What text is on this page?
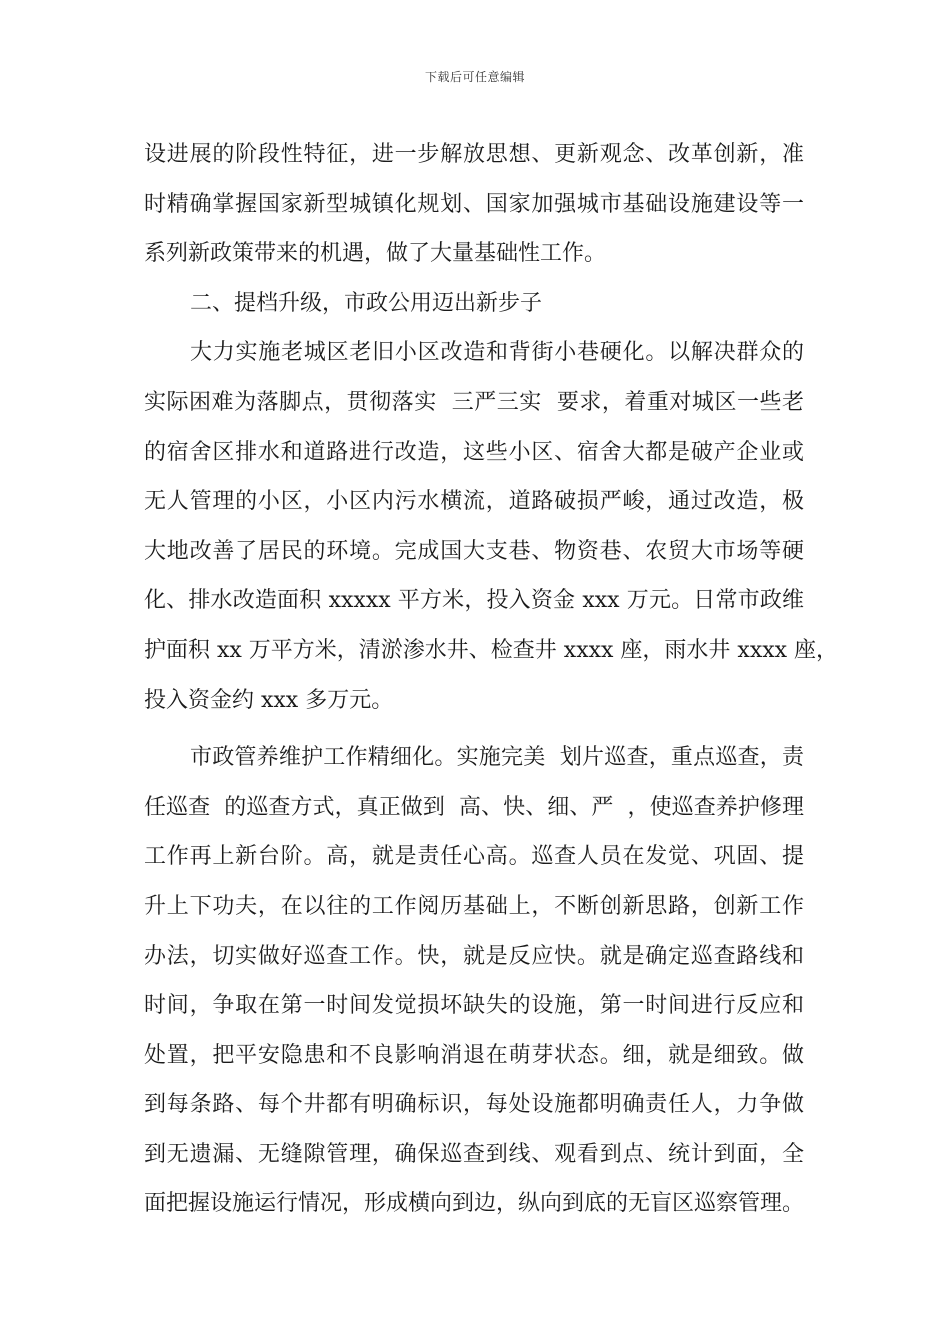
下载后可任意编辑
设进展的阶段性特征，进一步解放思想、更新观念、改革创新，准
时精确掌握国家新型城镇化规划、国家加强城市基础设施建设等一
系列新政策带来的机遇，做了大量基础性工作。
二、提档升级，市政公用迈出新步子
大力实施老城区老旧小区改造和背街小巷硬化。以解决群众的
实际困难为落脚点，贯彻落实  三严三实  要求，着重对城区一些老
的宿舍区排水和道路进行改造，这些小区、宿舍大都是破产企业或
无人管理的小区，小区内污水横流，道路破损严峻，通过改造，极
大地改善了居民的环境。完成国大支巷、物资巷、农贸大市场等硬
化、排水改造面积 xxxxx 平方米，投入资金 xxx 万元。日常市政维
护面积 xx 万平方米，清淤渗水井、检查井 xxxx 座，雨水井 xxxx 座，
投入资金约 xxx 多万元。
市政管养维护工作精细化。实施完美  划片巡查，重点巡查，责
任巡查  的巡查方式，真正做到  高、快、细、严  ，使巡查养护修理
工作再上新台阶。高，就是责任心高。巡查人员在发觉、巩固、提
升上下功夫，在以往的工作阅历基础上，不断创新思路，创新工作
办法，切实做好巡查工作。快，就是反应快。就是确定巡查路线和
时间，争取在第一时间发觉损坏缺失的设施，第一时间进行反应和
处置，把平安隐患和不良影响消退在萌芽状态。细，就是细致。做
到每条路、每个井都有明确标识，每处设施都明确责任人，力争做
到无遗漏、无缝隙管理，确保巡查到线、观看到点、统计到面，全
面把握设施运行情况，形成横向到边，纵向到底的无盲区巡察管理。
